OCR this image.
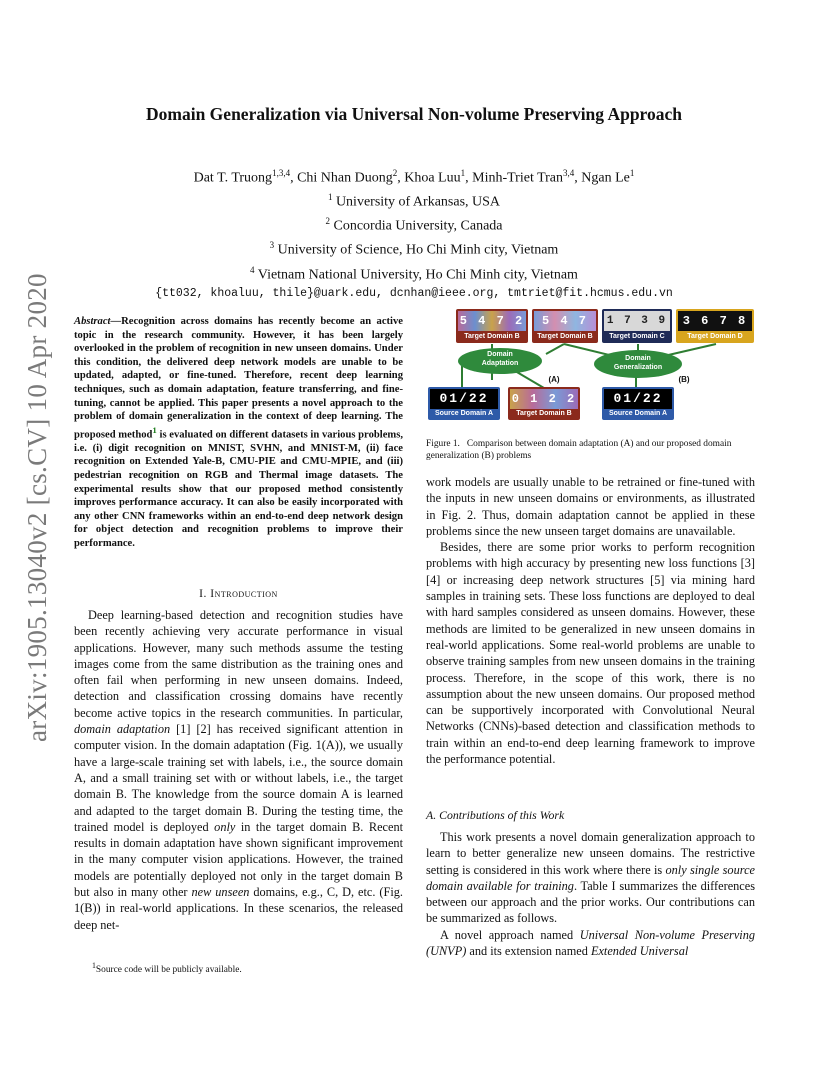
Domain Generalization via Universal Non-volume Preserving Approach
Dat T. Truong$^{1,3,4}$, Chi Nhan Duong$^2$, Khoa Luu$^1$, Minh-Triet Tran$^{3,4}$, Ngan Le$^1$
$^1$ University of Arkansas, USA
$^2$ Concordia University, Canada
$^3$ University of Science, Ho Chi Minh city, Vietnam
$^4$ Vietnam National University, Ho Chi Minh city, Vietnam
{tt032, khoaluu, thile}@uark.edu, dcnhan@ieee.org, tmtriet@fit.hcmus.edu.vn
arXiv:1905.13040v2 [cs.CV] 10 Apr 2020 Abstract—Recognition across domains has recently become an active topic in the research community. However, it has been largely overlooked in the problem of recognition in new unseen domains. Under this condition, the delivered deep network models are unable to be updated, adapted, or fine-tuned. Therefore, recent deep learning techniques, such as domain adaptation, feature transferring, and fine-tuning, cannot be applied. This paper presents a novel approach to the problem of domain generalization in the context of deep learning. The proposed method$^1$ is evaluated on different datasets in various problems, i.e. (i) digit recognition on MNIST, SVHN, and MNIST-M, (ii) face recognition on Extended Yale-B, CMU-PIE and CMU-MPIE, and (iii) pedestrian recognition on RGB and Thermal image datasets. The experimental results show that our proposed method consistently improves performance accuracy. It can also be easily incorporated with any other CNN frameworks within an end-to-end deep network design for object detection and recognition problems to improve their performance.
I. Introduction

Deep learning-based detection and recognition studies have been recently achieving very accurate performance in visual applications. However, many such methods assume the testing images come from the same distribution as the training ones and often fail when performing in new unseen domains. Indeed, detection and classification crossing domains have recently become active topics in the research communities. In particular, domain adaptation [1] [2] has received significant attention in computer vision. In the domain adaptation (Fig. 1(A)), we usually have a large-scale training set with labels, i.e., the source domain A, and a small training set with or without labels, i.e., the target domain B. The knowledge from the source domain A is learned and adapted to the target domain B. During the testing time, the trained model is deployed only in the target domain B. Recent results in domain adaptation have shown significant improvement in the many computer vision applications. However, the trained models are potentially deployed not only in the target domain B but also in many other new unseen domains, e.g., C, D, etc. (Fig. 1(B)) in real-world applications. In these scenarios, the released deep net-

$^1$Source code will be publicly available.
5 4 7 2
Target Domain B
5 4 7
Target Domain B
1 7 3 9
Target Domain C
3 6 7 8
Target Domain D
Domain Adaptation
Domain Generalization
(A)	(B)
01/22
Source Domain A
0 1 2 2
Target Domain B
01/22
Source Domain A
Figure 1. Comparison between domain adaptation (A) and our proposed domain generalization (B) problems

work models are usually unable to be retrained or fine-tuned with the inputs in new unseen domains or environments, as illustrated in Fig. 2. Thus, domain adaptation cannot be applied in these problems since the new unseen target domains are unavailable.

Besides, there are some prior works to perform recognition problems with high accuracy by presenting new loss functions [3] [4] or increasing deep network structures [5] via mining hard samples in training sets. These loss functions are deployed to deal with hard samples considered as unseen domains. However, these methods are limited to be generalized in new unseen domains in real-world applications. Some real-world problems are unable to observe training samples from new unseen domains in the training process. Therefore, in the scope of this work, there is no assumption about the new unseen domains. Our proposed method can be supportively incorporated with Convolutional Neural Networks (CNNs)-based detection and classification methods to train within an end-to-end deep learning framework to improve the performance potential.

A. Contributions of this Work

This work presents a novel domain generalization approach to learn to better generalize new unseen domains. The restrictive setting is considered in this work where there is only single source domain available for training. Table I summarizes the differences between our approach and the prior works. Our contributions can be summarized as follows.

A novel approach named Universal Non-volume Preserving (UNVP) and its extension named Extended Universal
